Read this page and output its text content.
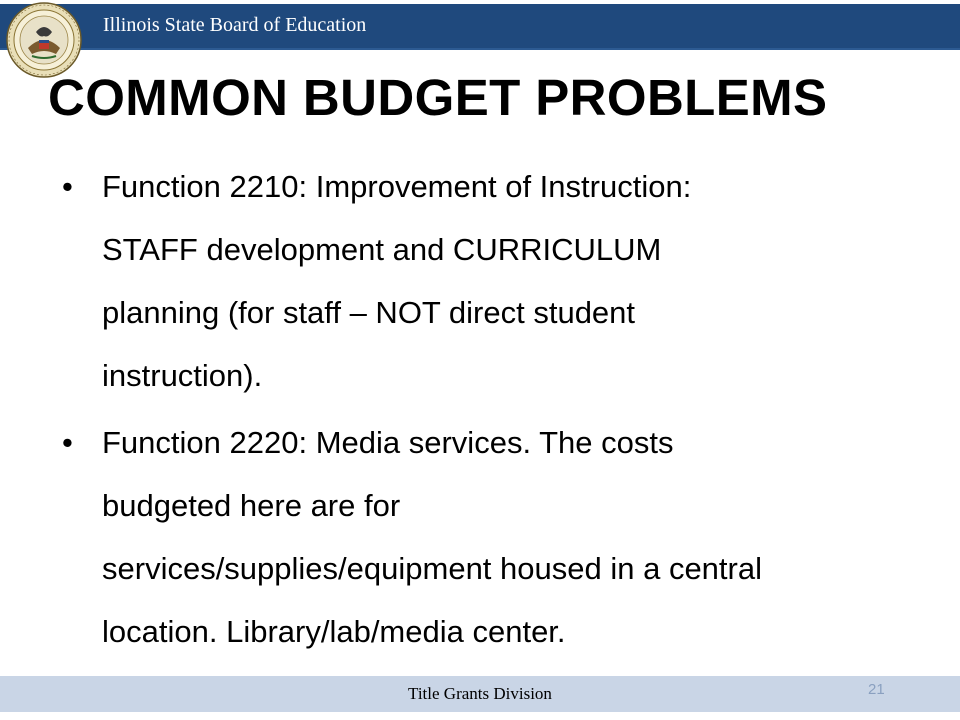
Illinois State Board of Education
COMMON BUDGET PROBLEMS
• Function 2210: Improvement of Instruction:
STAFF development and CURRICULUM
planning (for staff – NOT direct student
instruction).
• Function 2220: Media services. The costs
budgeted here are for
services/supplies/equipment housed in a central
location. Library/lab/media center.
Title Grants Division	21
